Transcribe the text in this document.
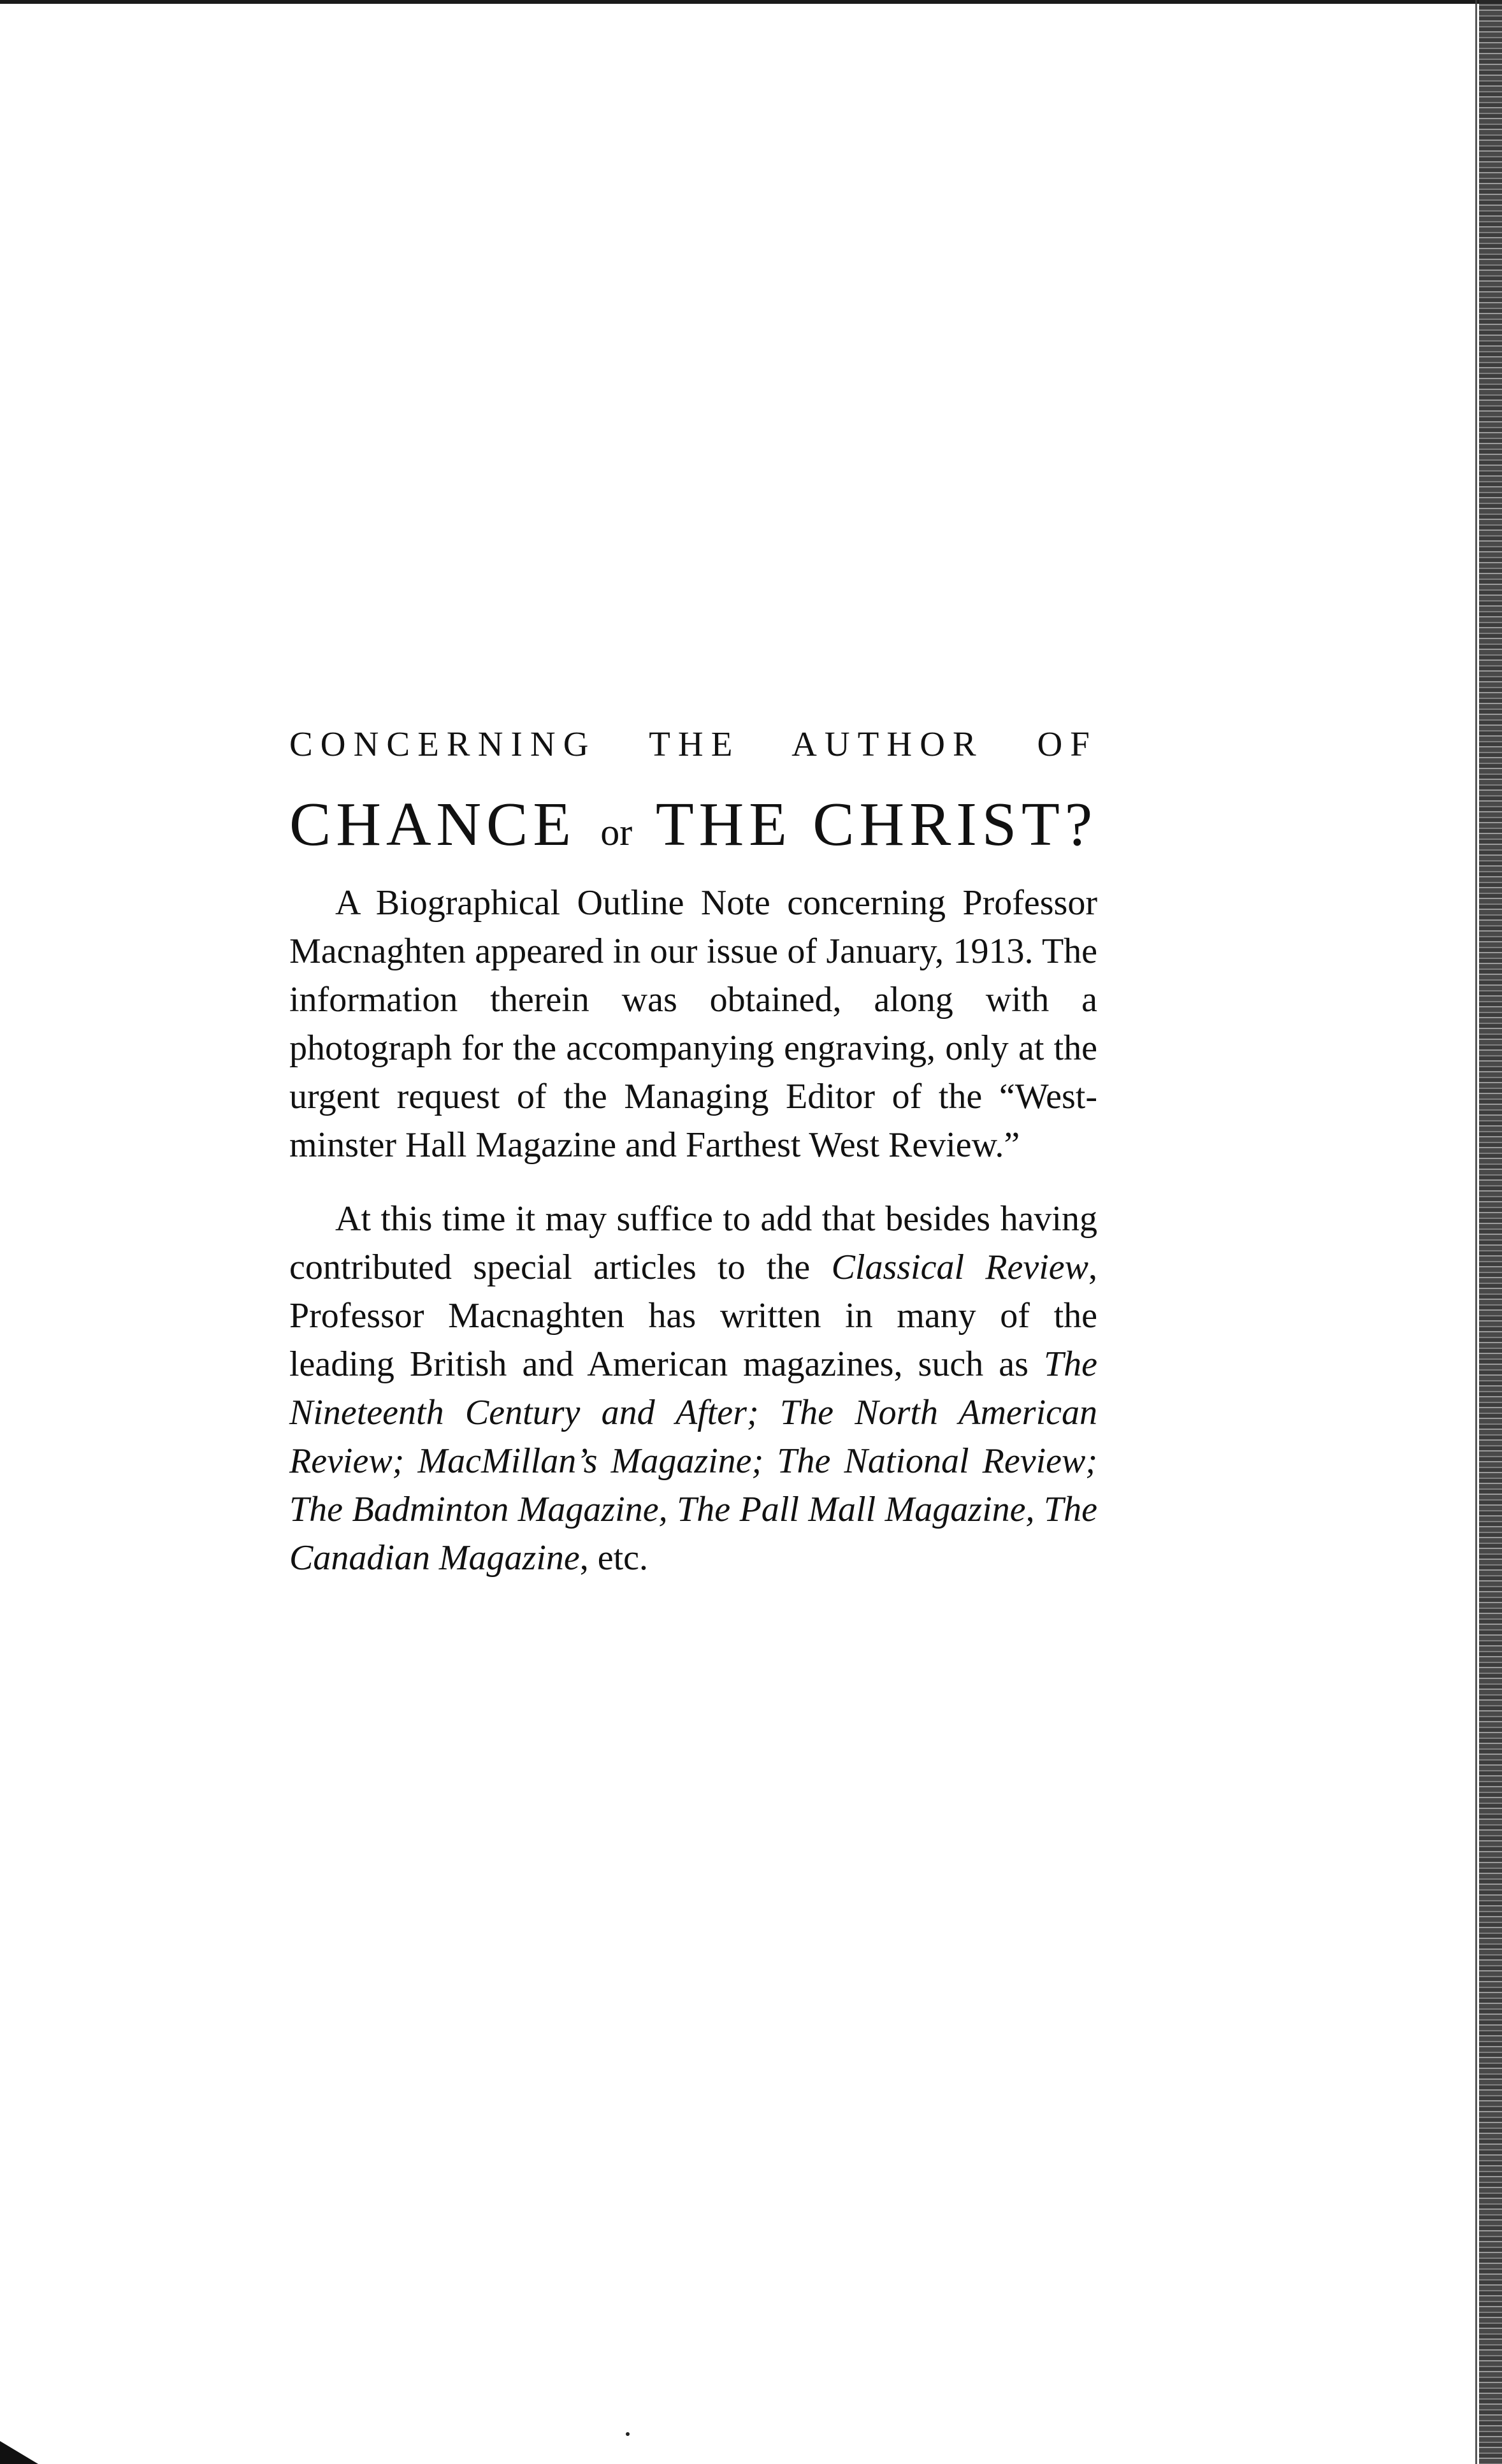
CONCERNING THE AUTHOR OF

CHANCE or THE CHRIST?

A Biographical Outline Note concerning Professor Macnaghten appeared in our issue of January, 1913. The information therein was obtained, along with a photograph for the accompanying engraving, only at the urgent request of the Managing Editor of the “Westminster Hall Magazine and Farthest West Review.”

At this time it may suffice to add that besides having contributed special articles to the Classical Review, Professor Macnaghten has written in many of the leading British and American magazines, such as The Nineteenth Century and After; The North American Review; MacMillan’s Magazine; The National Review; The Badminton Magazine, The Pall Mall Magazine, The Canadian Magazine, etc.
